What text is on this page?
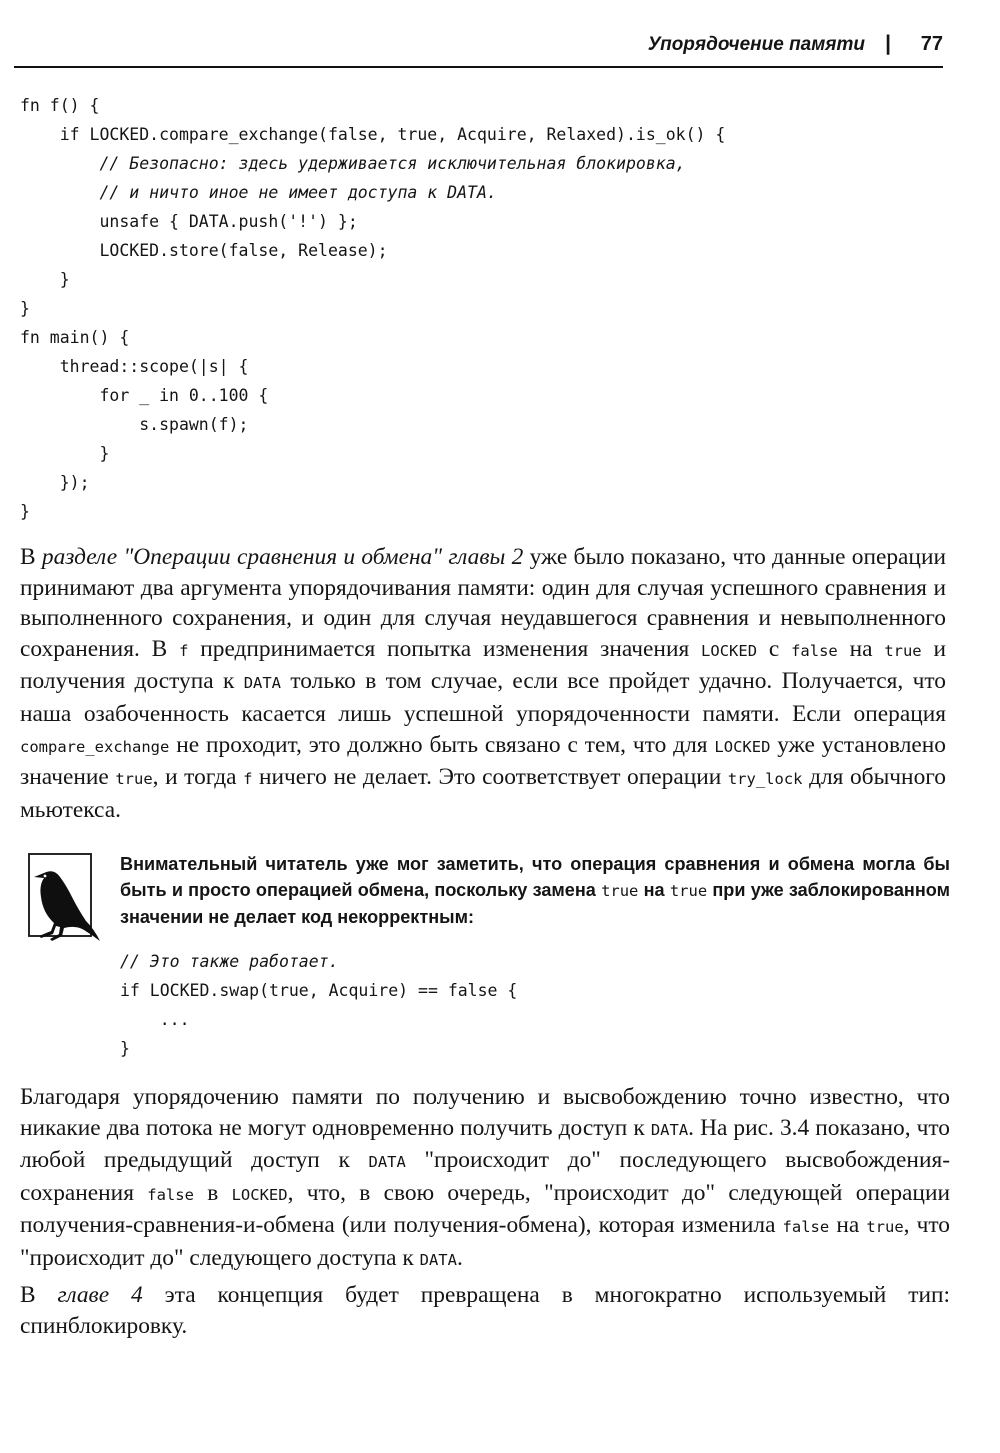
Упорядочение памяти | 77
fn f() {
if LOCKED.compare_exchange(false, true, Acquire, Relaxed).is_ok() {
// Безопасно: здесь удерживается исключительная блокировка,
// и ничто иное не имеет доступа к DATA.
unsafe { DATA.push('!') };
LOCKED.store(false, Release);
}
}
fn main() {
thread::scope(|s| {
for _ in 0..100 {
s.spawn(f);
}
});
}

В разделе "Операции сравнения и обмена" главы 2 уже было показано, что данные операции принимают два аргумента упорядочивания памяти: один для случая успешного сравнения и выполненного сохранения, и один для случая неудавшегося сравнения и невыполненного сохранения. В f предпринимается попытка изменения значения LOCKED с false на true и получения доступа к DATA только в том случае, если все пройдет удачно. Получается, что наша озабоченность касается лишь успешной упорядоченности памяти. Если операция compare_exchange не проходит, это должно быть связано с тем, что для LOCKED уже установлено значение true, и тогда f ничего не делает. Это соответствует операции try_lock для обычного мьютекса.

Внимательный читатель уже мог заметить, что операция сравнения и обмена могла бы быть и просто операцией обмена, поскольку замена true на true при уже заблокированном значении не делает код некорректным:

// Это также работает.
if LOCKED.swap(true, Acquire) == false {
...
}

Благодаря упорядочению памяти по получению и высвобождению точно известно, что никакие два потока не могут одновременно получить доступ к DATA. На рис. 3.4 показано, что любой предыдущий доступ к DATA "происходит до" последующего высвобождения-сохранения false в LOCKED, что, в свою очередь, "происходит до" следующей операции получения-сравнения-и-обмена (или получения-обмена), которая изменила false на true, что "происходит до" следующего доступа к DATA.

В главе 4 эта концепция будет превращена в многократно используемый тип: спинблокировку.
